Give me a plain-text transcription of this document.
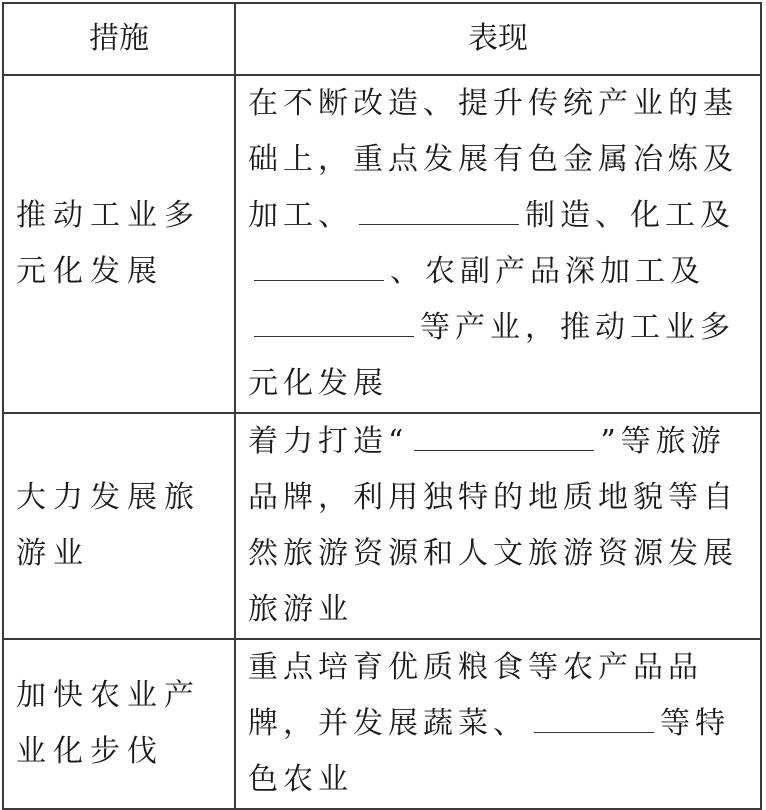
措施	表现
推动工业多元化发展	在不断改造、提升传统产业的基础上，重点发展有色金属冶炼及加工、 制造、化工及、农副产品深加工及等产业，推动工业多元化发展
大力发展旅游业	着力打造“ ”等旅游品牌，利用独特的地质地貌等自然旅游资源和人文旅游资源发展旅游业
加快农业产业化步伐	重点培育优质粮食等农产品品牌，并发展蔬菜、 等特色农业
